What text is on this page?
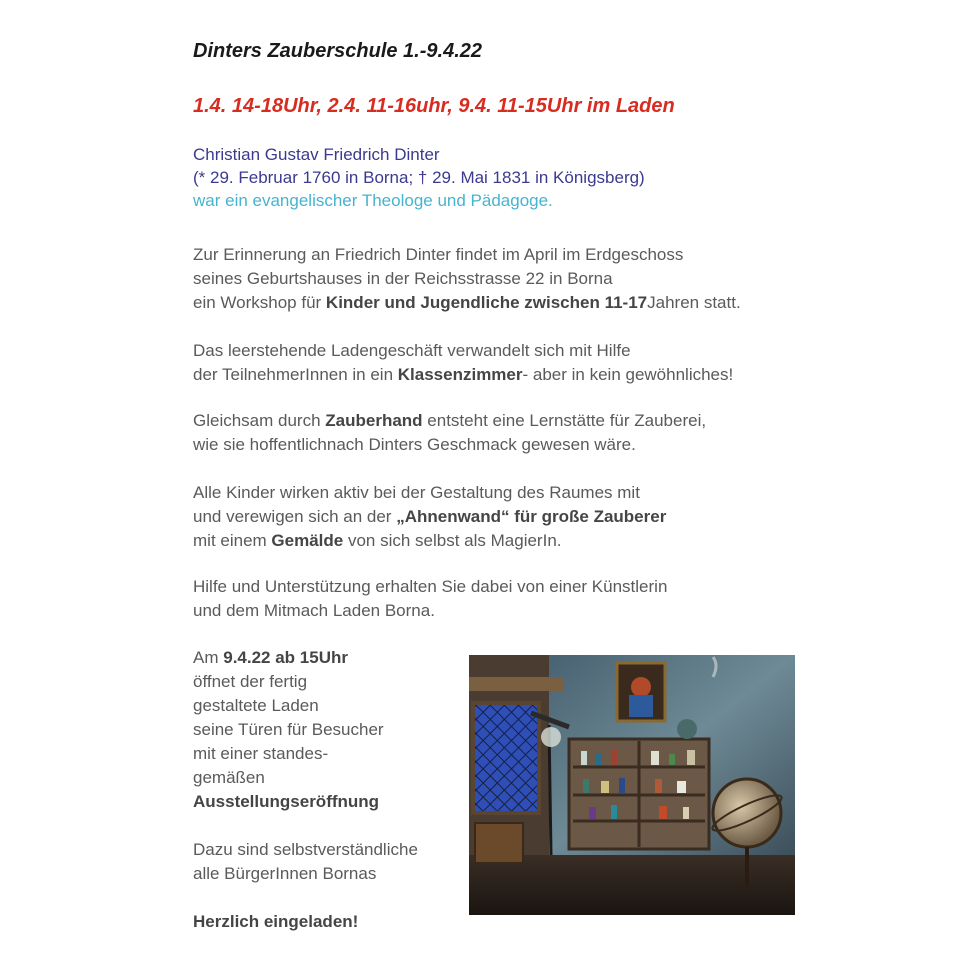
Dinters Zauberschule 1.-9.4.22
1.4. 14-18Uhr, 2.4. 11-16uhr, 9.4. 11-15Uhr im Laden
Christian Gustav Friedrich Dinter
(* 29. Februar 1760 in Borna; † 29. Mai 1831 in Königsberg)
war ein evangelischer Theologe und Pädagoge.
Zur Erinnerung an Friedrich Dinter findet im April im Erdgeschoss
seines Geburtshauses in der Reichsstrasse 22 in Borna
ein Workshop für Kinder und Jugendliche zwischen 11-17Jahren statt.
Das leerstehende Ladengeschäft verwandelt sich mit Hilfe
der TeilnehmerInnen in ein Klassenzimmer- aber in kein gewöhnliches!
Gleichsam durch Zauberhand entsteht eine Lernstätte für Zauberei,
wie sie hoffentlichnach Dinters Geschmack gewesen wäre.
Alle Kinder wirken aktiv bei der Gestaltung des Raumes mit
und verewigen sich an der „Ahnenwand“ für große Zauberer
mit einem Gemälde von sich selbst als MagierIn.
Hilfe und Unterstützung erhalten Sie dabei von einer Künstlerin
und dem Mitmach Laden Borna.
Am 9.4.22 ab 15Uhr
öffnet der fertig
gestaltete Laden
seine Türen für Besucher
mit einer standes-
gemäßen
Ausstellungseröffnung
Dazu sind selbstverständliche
alle BürgerInnen Bornas
Herzlich eingeladen!
